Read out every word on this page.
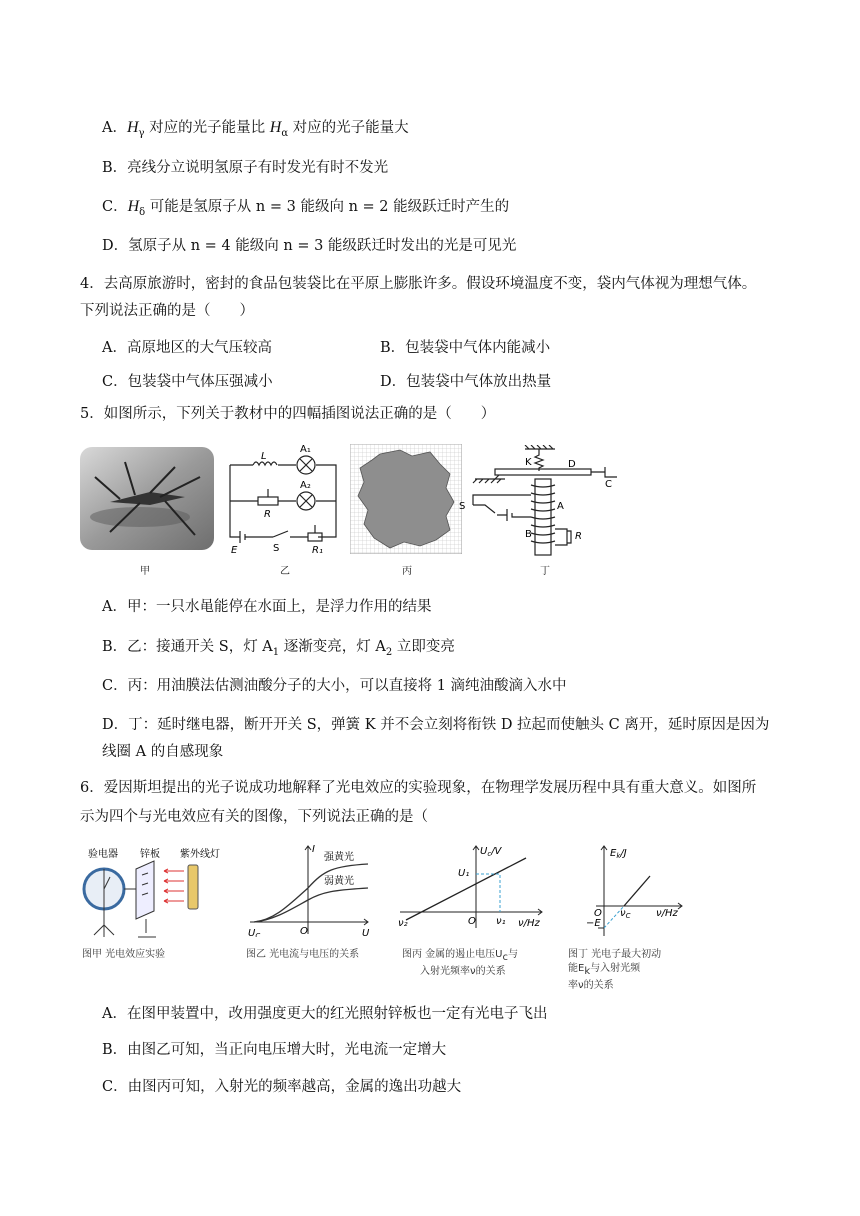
A．$H_\gamma$ 对应的光子能量比 $H_\alpha$ 对应的光子能量大
B．亮线分立说明氢原子有时发光有时不发光
C．$H_\delta$ 可能是氢原子从 n = 3 能级向 n = 2 能级跃迁时产生的
D．氢原子从 n = 4 能级向 n = 3 能级跃迁时发出的光是可见光
4．去高原旅游时，密封的食品包装袋比在平原上膨胀许多。假设环境温度不变，袋内气体视为理想气体。
下列说法正确的是（　　）
A．高原地区的大气压较高	B．包装袋中气体内能减小
C．包装袋中气体压强减小	D．包装袋中气体放出热量
5．如图所示，下列关于教材中的四幅插图说法正确的是（　　）
L
A₁
A₂
R
E	S	R₁
K	D
C
S	A
B	R
甲	乙	丙	丁
A．甲：一只水黾能停在水面上，是浮力作用的结果
B．乙：接通开关 S，灯 $A_1$ 逐渐变亮，灯 $A_2$ 立即变亮
C．丙：用油膜法估测油酸分子的大小，可以直接将 1 滴纯油酸滴入水中
D．丁：延时继电器，断开开关 S，弹簧 K 并不会立刻将衔铁 D 拉起而使触头 C 离开，延时原因是因为
线圈 A 的自感现象
6．爱因斯坦提出的光子说成功地解释了光电效应的实验现象，在物理学发展历程中具有重大意义。如图所
示为四个与光电效应有关的图像，下列说法正确的是（
验电器 锌板 紫外线灯
图甲 光电效应实验
I
强黄光
弱黄光
O
$U_C$	U
图乙 光电流与电压的关系
$U_c/V$
U₁
ν₂	O ν₁ ν/Hz
图丙 金属的遏止电压$U_c$与
入射光频率ν的关系
$E_k/J$
O $\nu_C$
−E
ν/Hz
图丁 光电子最大初动
能$E_k$与入射光频
率ν的关系
A．在图甲装置中，改用强度更大的红光照射锌板也一定有光电子飞出
B．由图乙可知，当正向电压增大时，光电流一定增大
C．由图丙可知，入射光的频率越高，金属的逸出功越大
